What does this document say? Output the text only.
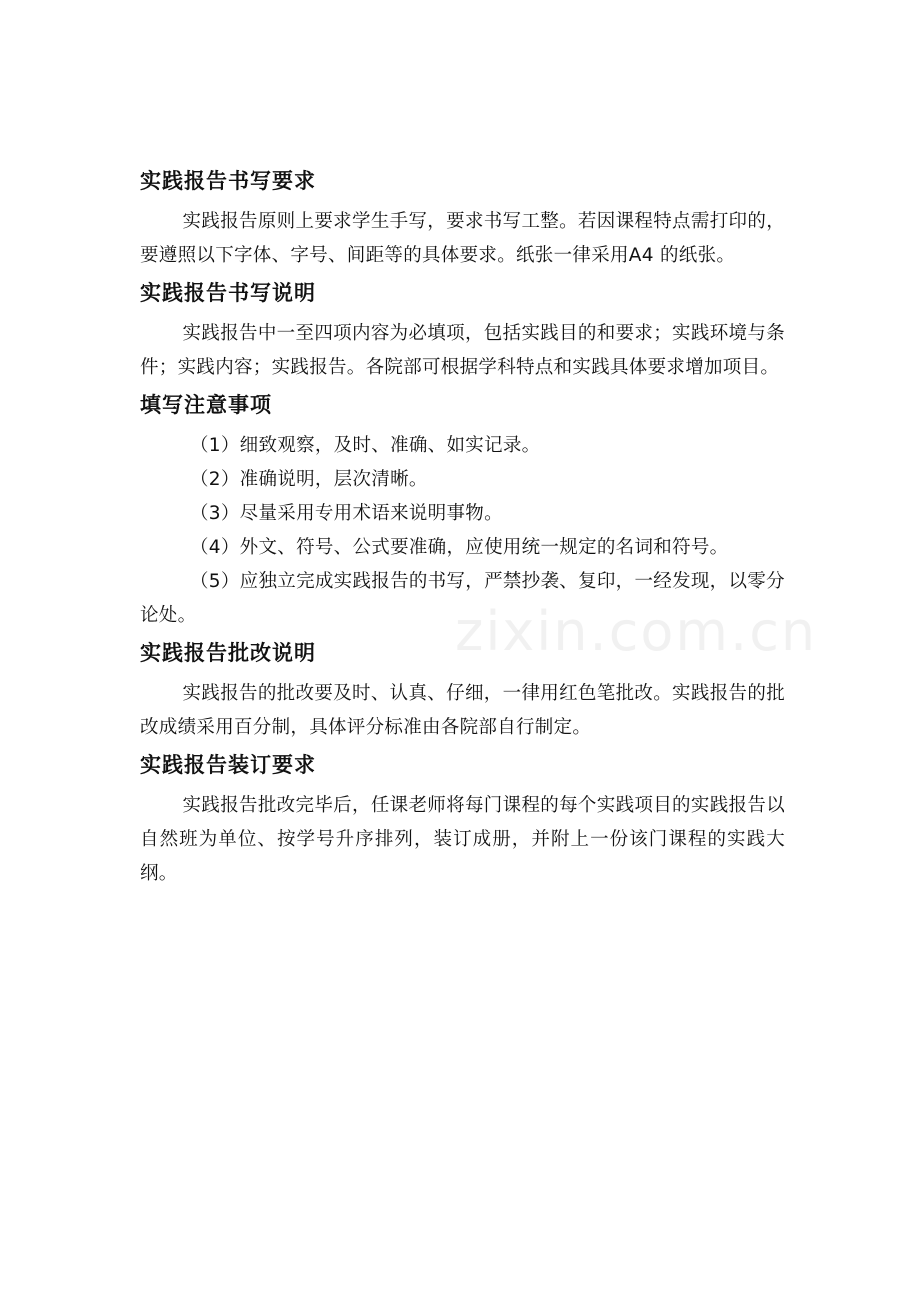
实践报告书写要求

实践报告原则上要求学生手写，要求书写工整。若因课程特点需打印的，要遵照以下字体、字号、间距等的具体要求。纸张一律采用A4 的纸张。

实践报告书写说明

实践报告中一至四项内容为必填项，包括实践目的和要求；实践环境与条件；实践内容；实践报告。各院部可根据学科特点和实践具体要求增加项目。

填写注意事项
（1）细致观察，及时、准确、如实记录。
（2）准确说明，层次清晰。
（3）尽量采用专用术语来说明事物。
（4）外文、符号、公式要准确，应使用统一规定的名词和符号。
（5）应独立完成实践报告的书写，严禁抄袭、复印，一经发现，以零分论处。
实践报告批改说明

实践报告的批改要及时、认真、仔细，一律用红色笔批改。实践报告的批改成绩采用百分制，具体评分标准由各院部自行制定。

实践报告装订要求

实践报告批改完毕后，任课老师将每门课程的每个实践项目的实践报告以自然班为单位、按学号升序排列，装订成册，并附上一份该门课程的实践大纲。

zixin.com.cn
